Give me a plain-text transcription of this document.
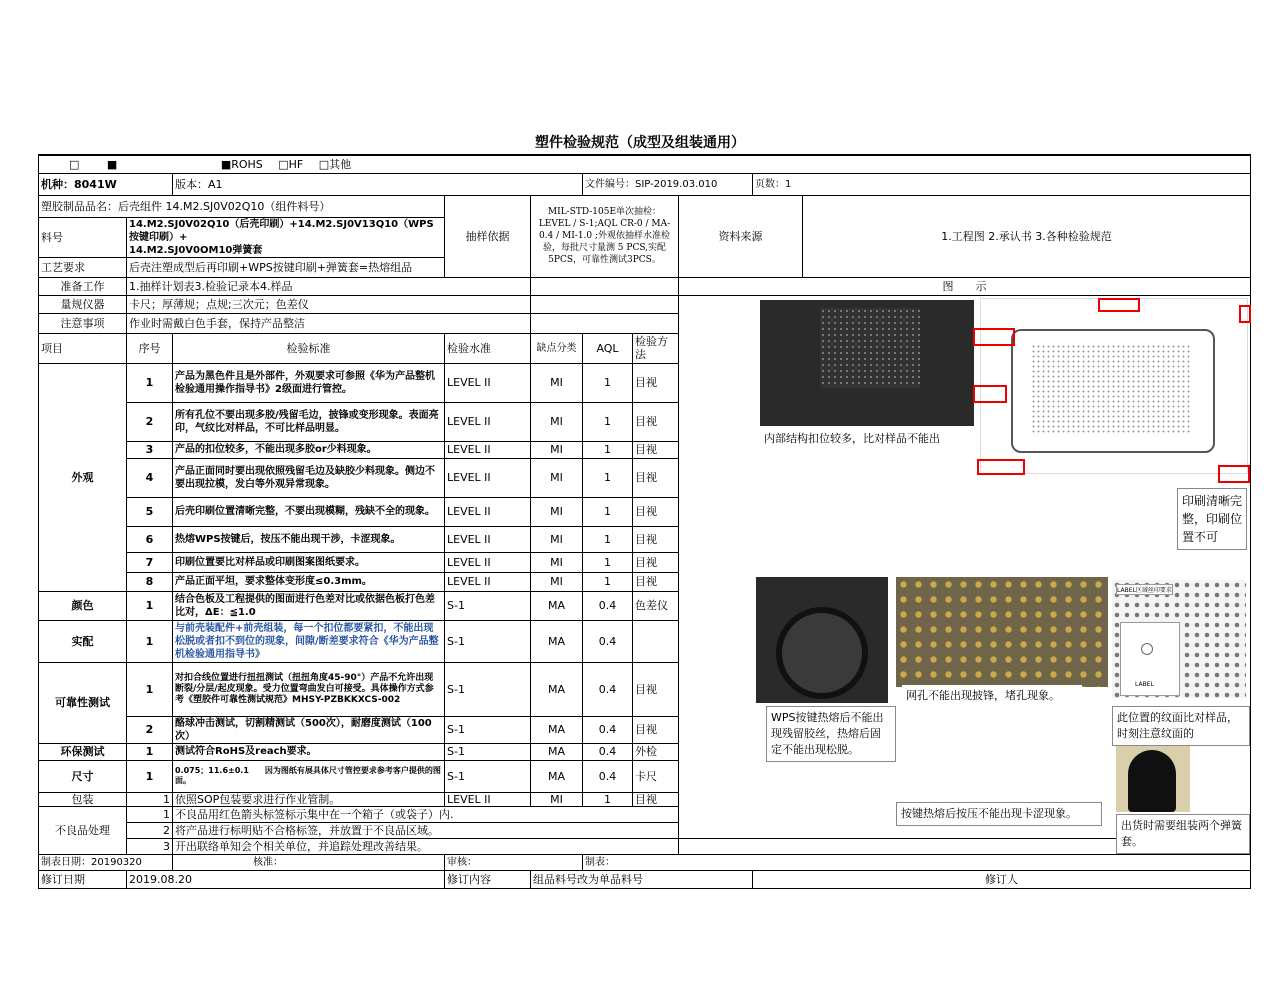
塑件检验规范（成型及组装通用）
□ ■ ■ROHS □HF □其他									
机种：8041W		版本：A1			文件编号：SIP-2019.03.010			页数：1	
塑胶制品品名：后壳组件 14.M2.SJ0V02Q10（组件料号）			抽样依据	MIL-STD-105E单次抽检：LEVEL / S-1;AQL CR-0 / MA-0.4 / MI-1.0 ;外观依抽样水准检验，每批尺寸量测 5 PCS,实配5PCS，可靠性测试3PCS。			资料来源		1.工程图 2.承认书 3.各种检验规范
料号	14.M2.SJ0V02Q10（后壳印刷）+14.M2.SJ0V13Q10（WPS按键印刷）+
14.M2.SJ0V0OM10弹簧套								

工艺要求	后壳注塑成型后再印刷+WPS按键印刷+弹簧套=热熔组品								
准备工作	1.抽样计划表3.检验记录本4.样品						图　　示		
量规仪器	卡尺；厚薄规；点规;三次元；色差仪								
注意事项	作业时需戴白色手套，保持产品整洁								
项目	序号	检验标准	检验水准	缺点分类	AQL	检验方法			
外观	1	产品为黑色件且是外部件，外观要求可参照《华为产品整机检验通用操作指导书》2级面进行管控。	LEVEL II	MI	1	目视			
	2	所有孔位不要出现多胶/残留毛边，披锋或变形现象。表面亮印，气纹比对样品，不可比样品明显。	LEVEL II	MI	1	目视			
	3	产品的扣位较多，不能出现多胶or少料现象。	LEVEL II	MI	1	目视			
	4	产品正面同时要出现依照残留毛边及缺胶少料现象。侧边不要出现拉模，发白等外观异常现象。	LEVEL II	MI	1	目视			
	5	后壳印刷位置清晰完整，不要出现模糊，残缺不全的现象。	LEVEL II	MI	1	目视			
	6	热熔WPS按键后，按压不能出现干涉，卡涩现象。	LEVEL II	MI	1	目视			
	7	印刷位置要比对样品或印刷图案图纸要求。	LEVEL II	MI	1	目视			
	8	产品正面平坦，要求整体变形度≤0.3mm。	LEVEL II	MI	1	目视			
颜色	1	结合色板及工程提供的图面进行色差对比或依据色板打色差比对，ΔE：≦1.0	S-1	MA	0.4	色差仪			
实配	1	与前壳装配件+前壳组装，每一个扣位都要紧扣，不能出现松脱或者扣不到位的现象，间隙/断差要求符合《华为产品整机检验通用指导书》	S-1	MA	0.4				
可靠性测试	1	对扣合线位置进行扭扭测试（扭扭角度45-90°）产品不允许出现断裂/分层/起皮现象。受力位置弯曲发白可接受。具体操作方式参考《塑胶件可靠性测试规范》MHSY-PZBKKXCS-002	S-1	MA	0.4	目视			
	2	酪球冲击测试，切割精测试（500次），耐磨度测试（100次）	S-1	MA	0.4	目视			
环保测试	1	测试符合RoHS及reach要求。	S-1	MA	0.4	外检			
尺寸	1	0.075；11.6±0.1　　因为图纸有展具体尺寸管控要求参考客户提供的图面。	S-1	MA	0.4	卡尺			
包装	1	依照SOP包装要求进行作业管制。	LEVEL II	MI	1	目视			
不良品处理	1	不良品用红色箭头标签标示集中在一个箱子（或袋子）内.							
	2	将产品进行标明贴不合格标签，并放置于不良品区域。							
	3	开出联络单知会个相关单位，并追踪处理改善结果。							
制表日期：20190320		核准：	审核：		制表：				
修订日期	2019.08.20		修订内容	组品料号改为单品料号				修订人	
内部结构扣位较多，比对样品不能出
印刷清晰完整，印刷位置不可
网孔不能出现披锋，堵孔现象。
LABEL区域丝印要求
LABEL
WPS按键热熔后不能出现残留胶丝，热熔后固定不能出现松脱。
此位置的纹面比对样品，时刻注意纹面的
按键热熔后按压不能出现卡涩现象。
出货时需要组装两个弹簧套。
